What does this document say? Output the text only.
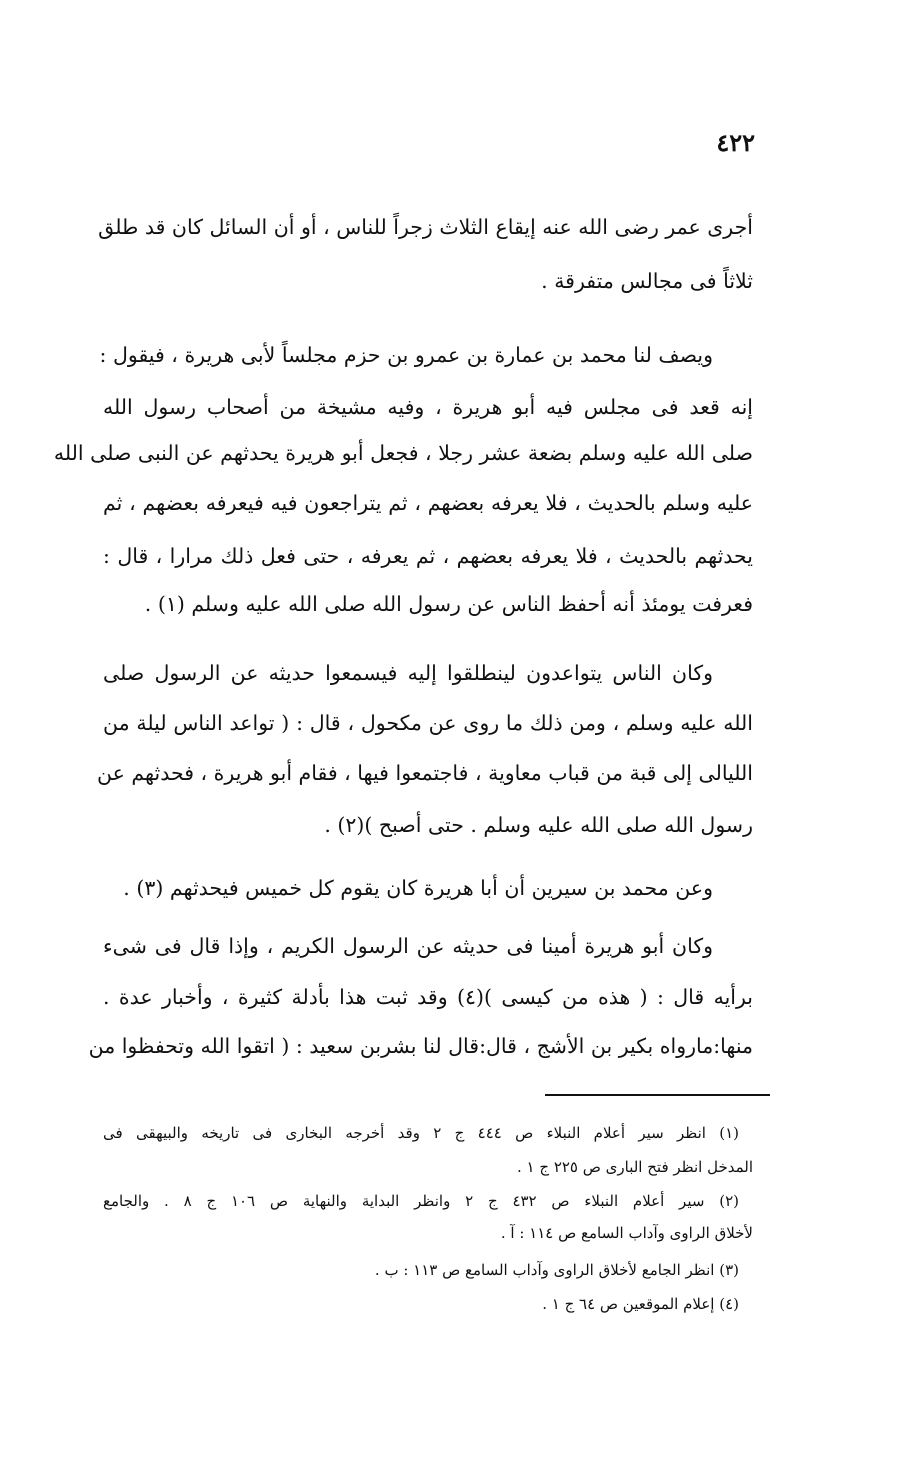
٤٢٢
أجرى عمر رضى الله عنه إيقاع الثلاث زجراً للناس ، أو أن السائل كان قد طلق
ثلاثاً فى مجالس متفرقة .
ويصف لنا محمد بن عمارة بن عمرو بن حزم مجلساً لأبى هريرة ، فيقول :
إنه قعد فى مجلس فيه أبو هريرة ، وفيه مشيخة من أصحاب رسول الله
صلى الله عليه وسلم بضعة عشر رجلا ، فجعل أبو هريرة يحدثهم عن النبى صلى الله
عليه وسلم بالحديث ، فلا يعرفه بعضهم ، ثم يتراجعون فيه فيعرفه بعضهم ، ثم
يحدثهم بالحديث ، فلا يعرفه بعضهم ، ثم يعرفه ، حتى فعل ذلك مرارا ، قال :
فعرفت يومئذ أنه أحفظ الناس عن رسول الله صلى الله عليه وسلم (١) .
وكان الناس يتواعدون لينطلقوا إليه فيسمعوا حديثه عن الرسول صلى
الله عليه وسلم ، ومن ذلك ما روى عن مكحول ، قال : ( تواعد الناس ليلة من
الليالى إلى قبة من قباب معاوية ، فاجتمعوا فيها ، فقام أبو هريرة ، فحدثهم عن
رسول الله صلى الله عليه وسلم . حتى أصبح )(٢) .
وعن محمد بن سيرين أن أبا هريرة كان يقوم كل خميس فيحدثهم (٣) .
وكان أبو هريرة أمينا فى حديثه عن الرسول الكريم ، وإذا قال فى شىء
برأيه قال : ( هذه من كيسى )(٤) وقد ثبت هذا بأدلة كثيرة ، وأخبار عدة .
منها:مارواه بكير بن الأشج ، قال:قال لنا بشربن سعيد : ( اتقوا الله وتحفظوا من
(١) انظر سير أعلام النبلاء ص ٤٤٤ ج ٢ وقد أخرجه البخارى فى تاريخه والبيهقى فى
المدخل انظر فتح البارى ص ٢٢٥ ج ١ .
(٢) سير أعلام النبلاء ص ٤٣٢ ج ٢ وانظر البداية والنهاية ص ١٠٦ ج ٨ . والجامع
لأخلاق الراوى وآداب السامع ص ١١٤ : آ .
(٣) انظر الجامع لأخلاق الراوى وآداب السامع ص ١١٣ : ب .
(٤) إعلام الموقعين ص ٦٤ ج ١ .
